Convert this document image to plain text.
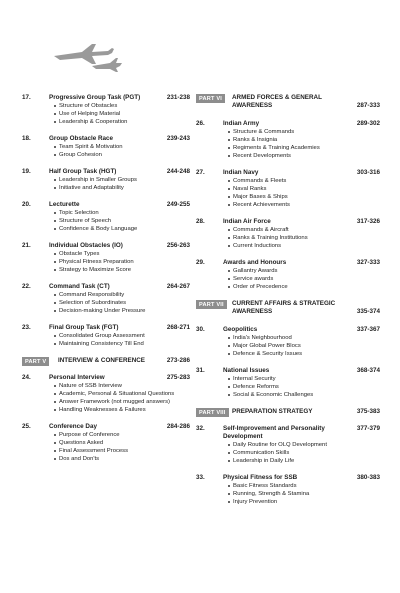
17.	Progressive Group Task (PGT)	231-238
Structure of Obstacles
Use of Helping Material
Leadership & Cooperation
18.	Group Obstacle Race	239-243
Team Spirit & Motivation
Group Cohesion
19.	Half Group Task (HGT)	244-248
Leadership in Smaller Groups
Initiative and Adaptability
20.	Lecturette	249-255
Topic Selection
Structure of Speech
Confidence & Body Language
21.	Individual Obstacles (IO)	256-263
Obstacle Types
Physical Fitness Preparation
Strategy to Maximize Score
22.	Command Task (CT)	264-267
Command Responsibility
Selection of Subordinates
Decision-making Under Pressure
23.	Final Group Task (FGT)	268-271
Consolidated Group Assessment
Maintaining Consistency Till End
PART V	INTERVIEW & CONFERENCE	273-286
24.	Personal Interview	275-283
Nature of SSB Interview
Academic, Personal & Situational Questions
Answer Framework (not mugged answers)
Handling Weaknesses & Failures
25.	Conference Day	284-286
Purpose of Conference
Questions Asked
Final Assessment Process
Dos and Don'ts
PART VI	ARMED FORCES & GENERAL AWARENESS	287-333
26.	Indian Army	289-302
Structure & Commands
Ranks & Insignia
Regiments & Training Academies
Recent Developments
27.	Indian Navy	303-316
Commands & Fleets
Naval Ranks
Major Bases & Ships
Recent Achievements
28.	Indian Air Force	317-326
Commands & Aircraft
Ranks & Training Institutions
Current Inductions
29.	Awards and Honours	327-333
Gallantry Awards
Service awards
Order of Precedence
PART VII	CURRENT AFFAIRS & STRATEGIC AWARENESS	335-374
30.	Geopolitics	337-367
India's Neighbourhood
Major Global Power Blocs
Defence & Security Issues
31.	National Issues	368-374
Internal Security
Defence Reforms
Social & Economic Challenges
PART VIII	PREPARATION STRATEGY	375-383
32.	Self-Improvement and Personality Development
377-379
Daily Routine for OLQ Development
Communication Skills
Leadership in Daily Life
33.	Physical Fitness for SSB	380-383
Basic Fitness Standards
Running, Strength & Stamina
Injury Prevention
